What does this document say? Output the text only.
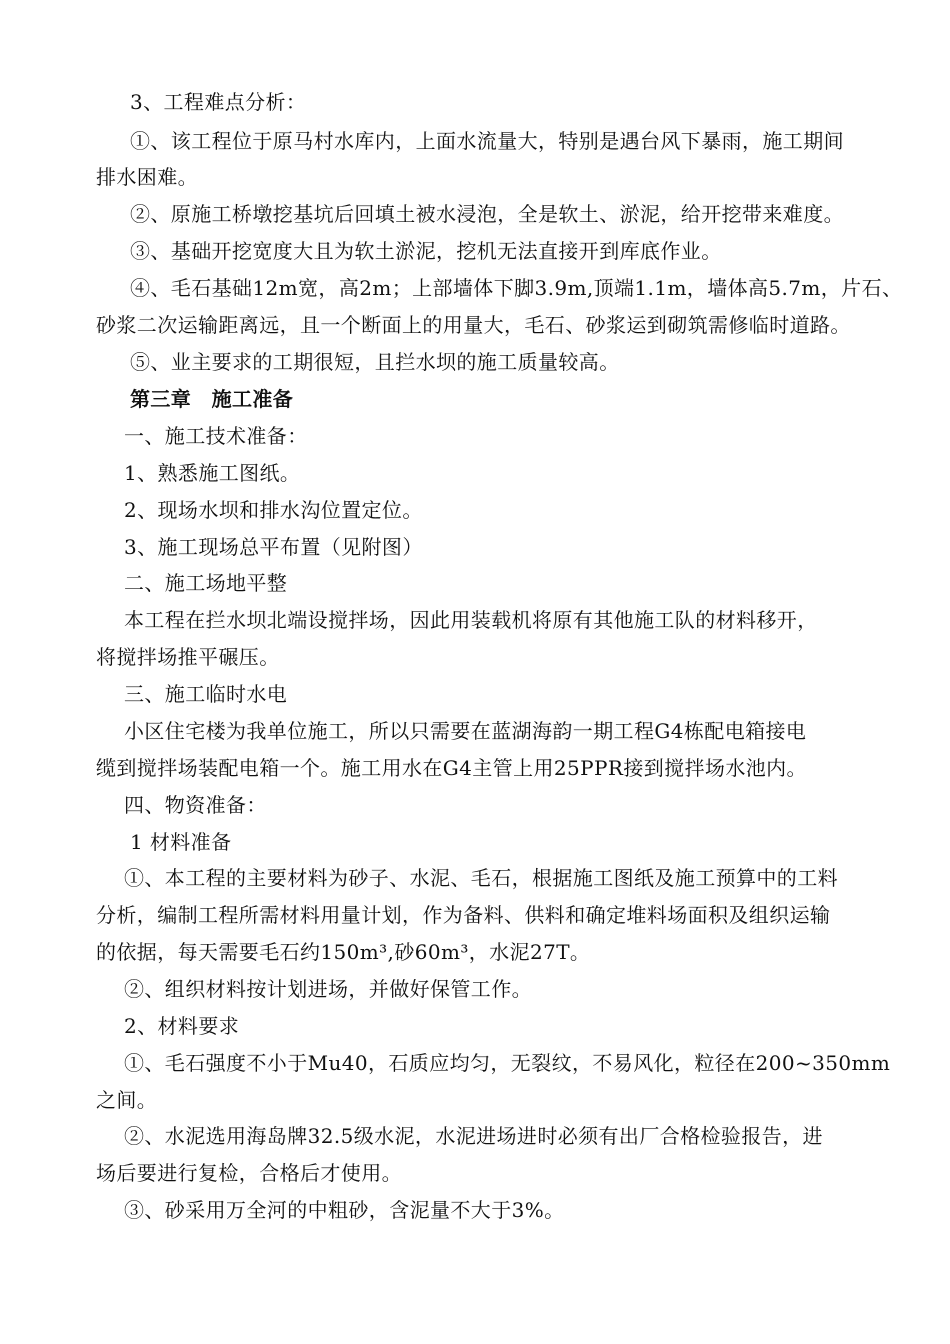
3、工程难点分析：
①、该工程位于原马村水库内，上面水流量大，特别是遇台风下暴雨，施工期间
排水困难。
②、原施工桥墩挖基坑后回填土被水浸泡，全是软土、淤泥，给开挖带来难度。
③、基础开挖宽度大且为软土淤泥，挖机无法直接开到库底作业。
④、毛石基础12m宽，高2m；上部墙体下脚3.9m,顶端1.1m，墙体高5.7m，片石、
砂浆二次运输距离远，且一个断面上的用量大，毛石、砂浆运到砌筑需修临时道路。
⑤、业主要求的工期很短，且拦水坝的施工质量较高。
第三章　施工准备
一、施工技术准备：
1、熟悉施工图纸。
2、现场水坝和排水沟位置定位。
3、施工现场总平布置（见附图）
二、施工场地平整
本工程在拦水坝北端设搅拌场，因此用装载机将原有其他施工队的材料移开，
将搅拌场推平碾压。
三、施工临时水电
小区住宅楼为我单位施工，所以只需要在蓝湖海韵一期工程G4栋配电箱接电
缆到搅拌场装配电箱一个。施工用水在G4主管上用25PPR接到搅拌场水池内。
四、物资准备：
1 材料准备
①、本工程的主要材料为砂子、水泥、毛石，根据施工图纸及施工预算中的工料
分析，编制工程所需材料用量计划，作为备料、供料和确定堆料场面积及组织运输
的依据，每天需要毛石约150m³,砂60m³，水泥27T。
②、组织材料按计划进场，并做好保管工作。
2、材料要求
①、毛石强度不小于Mu40，石质应均匀，无裂纹，不易风化，粒径在200~350mm
之间。
②、水泥选用海岛牌32.5级水泥，水泥进场进时必须有出厂合格检验报告，进
场后要进行复检，合格后才使用。
③、砂采用万全河的中粗砂，含泥量不大于3%。
